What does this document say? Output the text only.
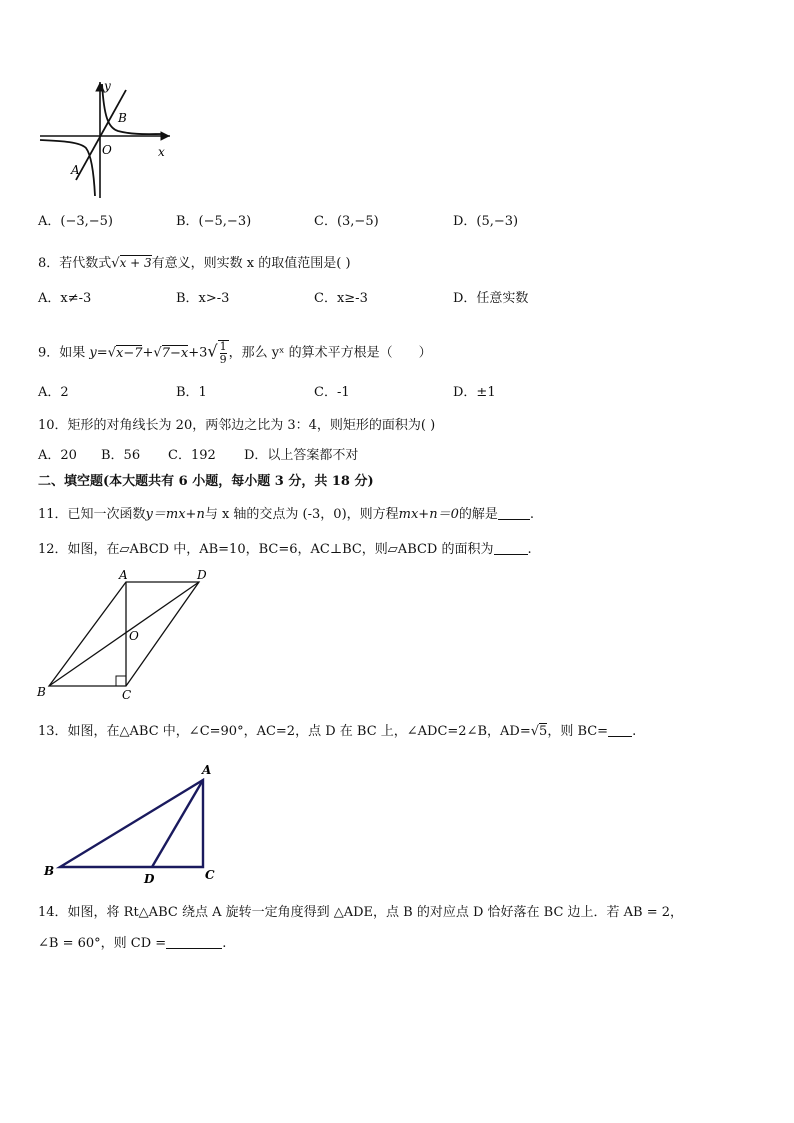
y
x
O
A
B
A．(−3,−5)	B．(−5,−3)	C．(3,−5)	D．(5,−3)
8．若代数式√x + 3有意义，则实数 x 的取值范围是( )
A．x≠-3	B．x>-3	C．x≥-3	D．任意实数
9．如果 $y=√x-7+√7-x+3√ \frac{1}{9}$ ，那么 yˣ 的算术平方根是（　　）
A．2	B．1	C．-1	D．±1
10．矩形的对角线长为 20，两邻边之比为 3：4，则矩形的面积为( )
A．20 B．56 C．192 D．以上答案都不对
二、填空题(本大题共有 6 小题，每小题 3 分，共 18 分)
11．已知一次函数y＝mx+n与 x 轴的交点为 (-3，0)，则方程mx+n＝0的解是 .
12．如图，在▱ABCD 中，AB=10，BC=6，AC⊥BC，则▱ABCD 的面积为	.
A	D
O
B	C
13．如图，在△ABC 中，∠C=90°，AC=2，点 D 在 BC 上，∠ADC=2∠B，AD=√5，则 BC= .
A
B
D	C
14．如图，将 Rt△ABC 绕点 A 旋转一定角度得到 △ADE，点 B 的对应点 D 恰好落在 BC 边上．若 AB = 2，
∠B = 60°，则 CD =	.
